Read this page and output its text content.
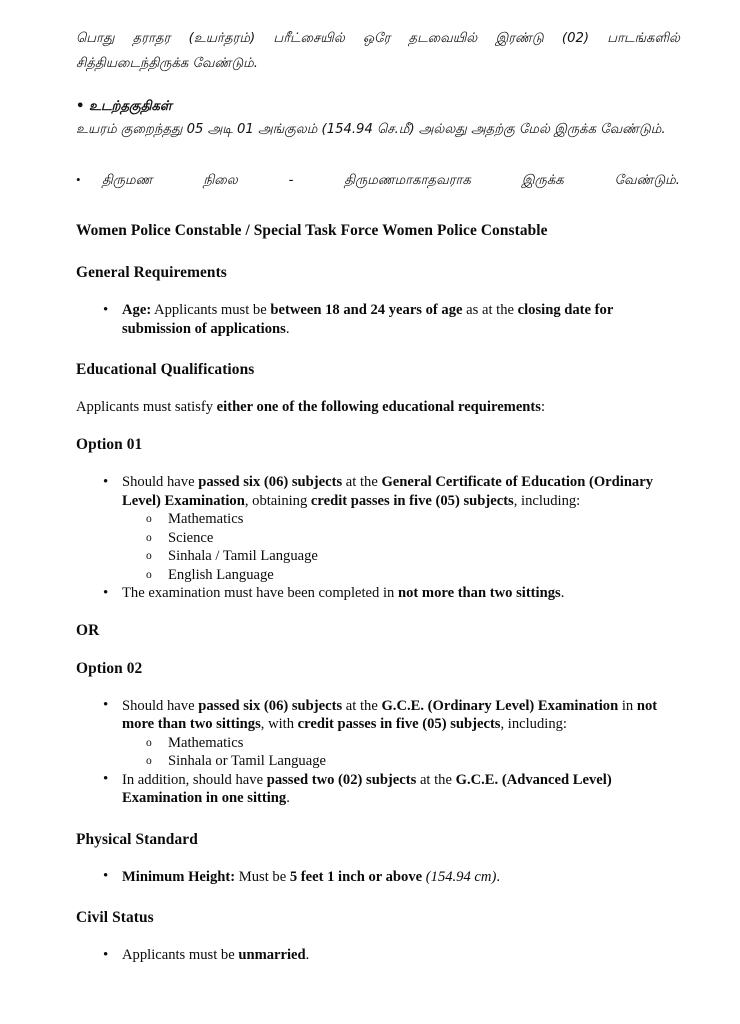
பொது தராதர (உயர்தரம்) பரீட்சையில் ஒரே தடவையில் இரண்டு (02) பாடங்களில் சித்தியடைந்திருக்க வேண்டும்.

• உடற்தகுதிகள்

உயரம் குறைந்தது 05 அடி 01 அங்குலம் (154.94 செ.மீ) அல்லது அதற்கு மேல் இருக்க வேண்டும்.

•	திருமண	நிலை	-	திருமணமாகாதவராக	இருக்க	வேண்டும்.
Women Police Constable / Special Task Force Women Police Constable
General Requirements
• Age: Applicants must be between 18 and 24 years of age as at the closing date for submission of applications.
Educational Qualifications

Applicants must satisfy either one of the following educational requirements:

Option 01
• Should have passed six (06) subjects at the General Certificate of Education (Ordinary Level) Examination, obtaining credit passes in five (05) subjects, including:
o Mathematics
o Science
o Sinhala / Tamil Language
o English Language
• The examination must have been completed in not more than two sittings.
OR
Option 02
• Should have passed six (06) subjects at the G.C.E. (Ordinary Level) Examination in not more than two sittings, with credit passes in five (05) subjects, including:
o Mathematics
o Sinhala or Tamil Language
• In addition, should have passed two (02) subjects at the G.C.E. (Advanced Level) Examination in one sitting.
Physical Standard
• Minimum Height: Must be 5 feet 1 inch or above (154.94 cm).
Civil Status
• Applicants must be unmarried.
